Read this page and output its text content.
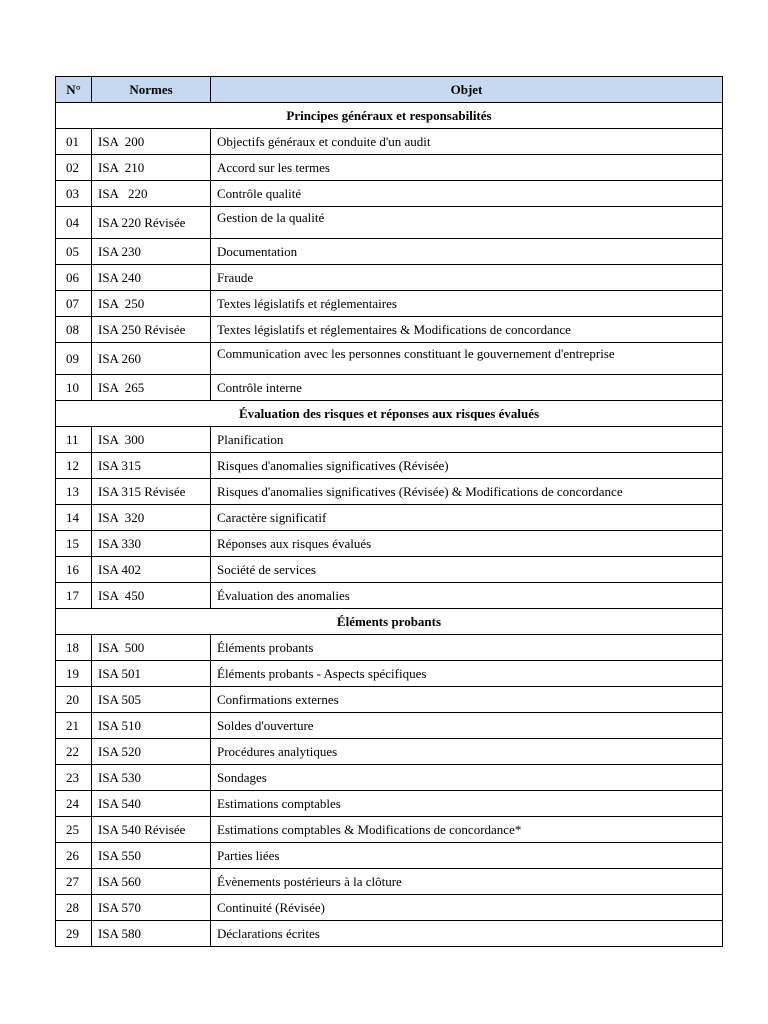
N°	Normes	Objet
Principes généraux et responsabilités		
01	ISA  200	Objectifs généraux et conduite d'un audit
02	ISA  210	Accord sur les termes
03	ISA   220	Contrôle qualité
04	ISA 220 Révisée	Gestion de la qualité
05	ISA 230	Documentation
06	ISA 240	Fraude
07	ISA  250	Textes législatifs et réglementaires
08	ISA 250 Révisée	Textes législatifs et réglementaires & Modifications de concordance
09	ISA 260	Communication avec les personnes constituant le gouvernement d'entreprise
10	ISA  265	Contrôle interne
Évaluation des risques et réponses aux risques évalués		
11	ISA  300	Planification
12	ISA 315	Risques d'anomalies significatives (Révisée)
13	ISA 315 Révisée	Risques d'anomalies significatives (Révisée) & Modifications de concordance
14	ISA  320	Caractère significatif
15	ISA 330	Réponses aux risques évalués
16	ISA 402	Société de services
17	ISA  450	Évaluation des anomalies
Éléments probants		
18	ISA  500	Éléments probants
19	ISA 501	Éléments probants - Aspects spécifiques
20	ISA 505	Confirmations externes
21	ISA 510	Soldes d'ouverture
22	ISA 520	Procédures analytiques
23	ISA 530	Sondages
24	ISA 540	Estimations comptables
25	ISA 540 Révisée	Estimations comptables & Modifications de concordance*
26	ISA 550	Parties liées
27	ISA 560	Évènements postérieurs à la clôture
28	ISA 570	Continuité (Révisée)
29	ISA 580	Déclarations écrites
